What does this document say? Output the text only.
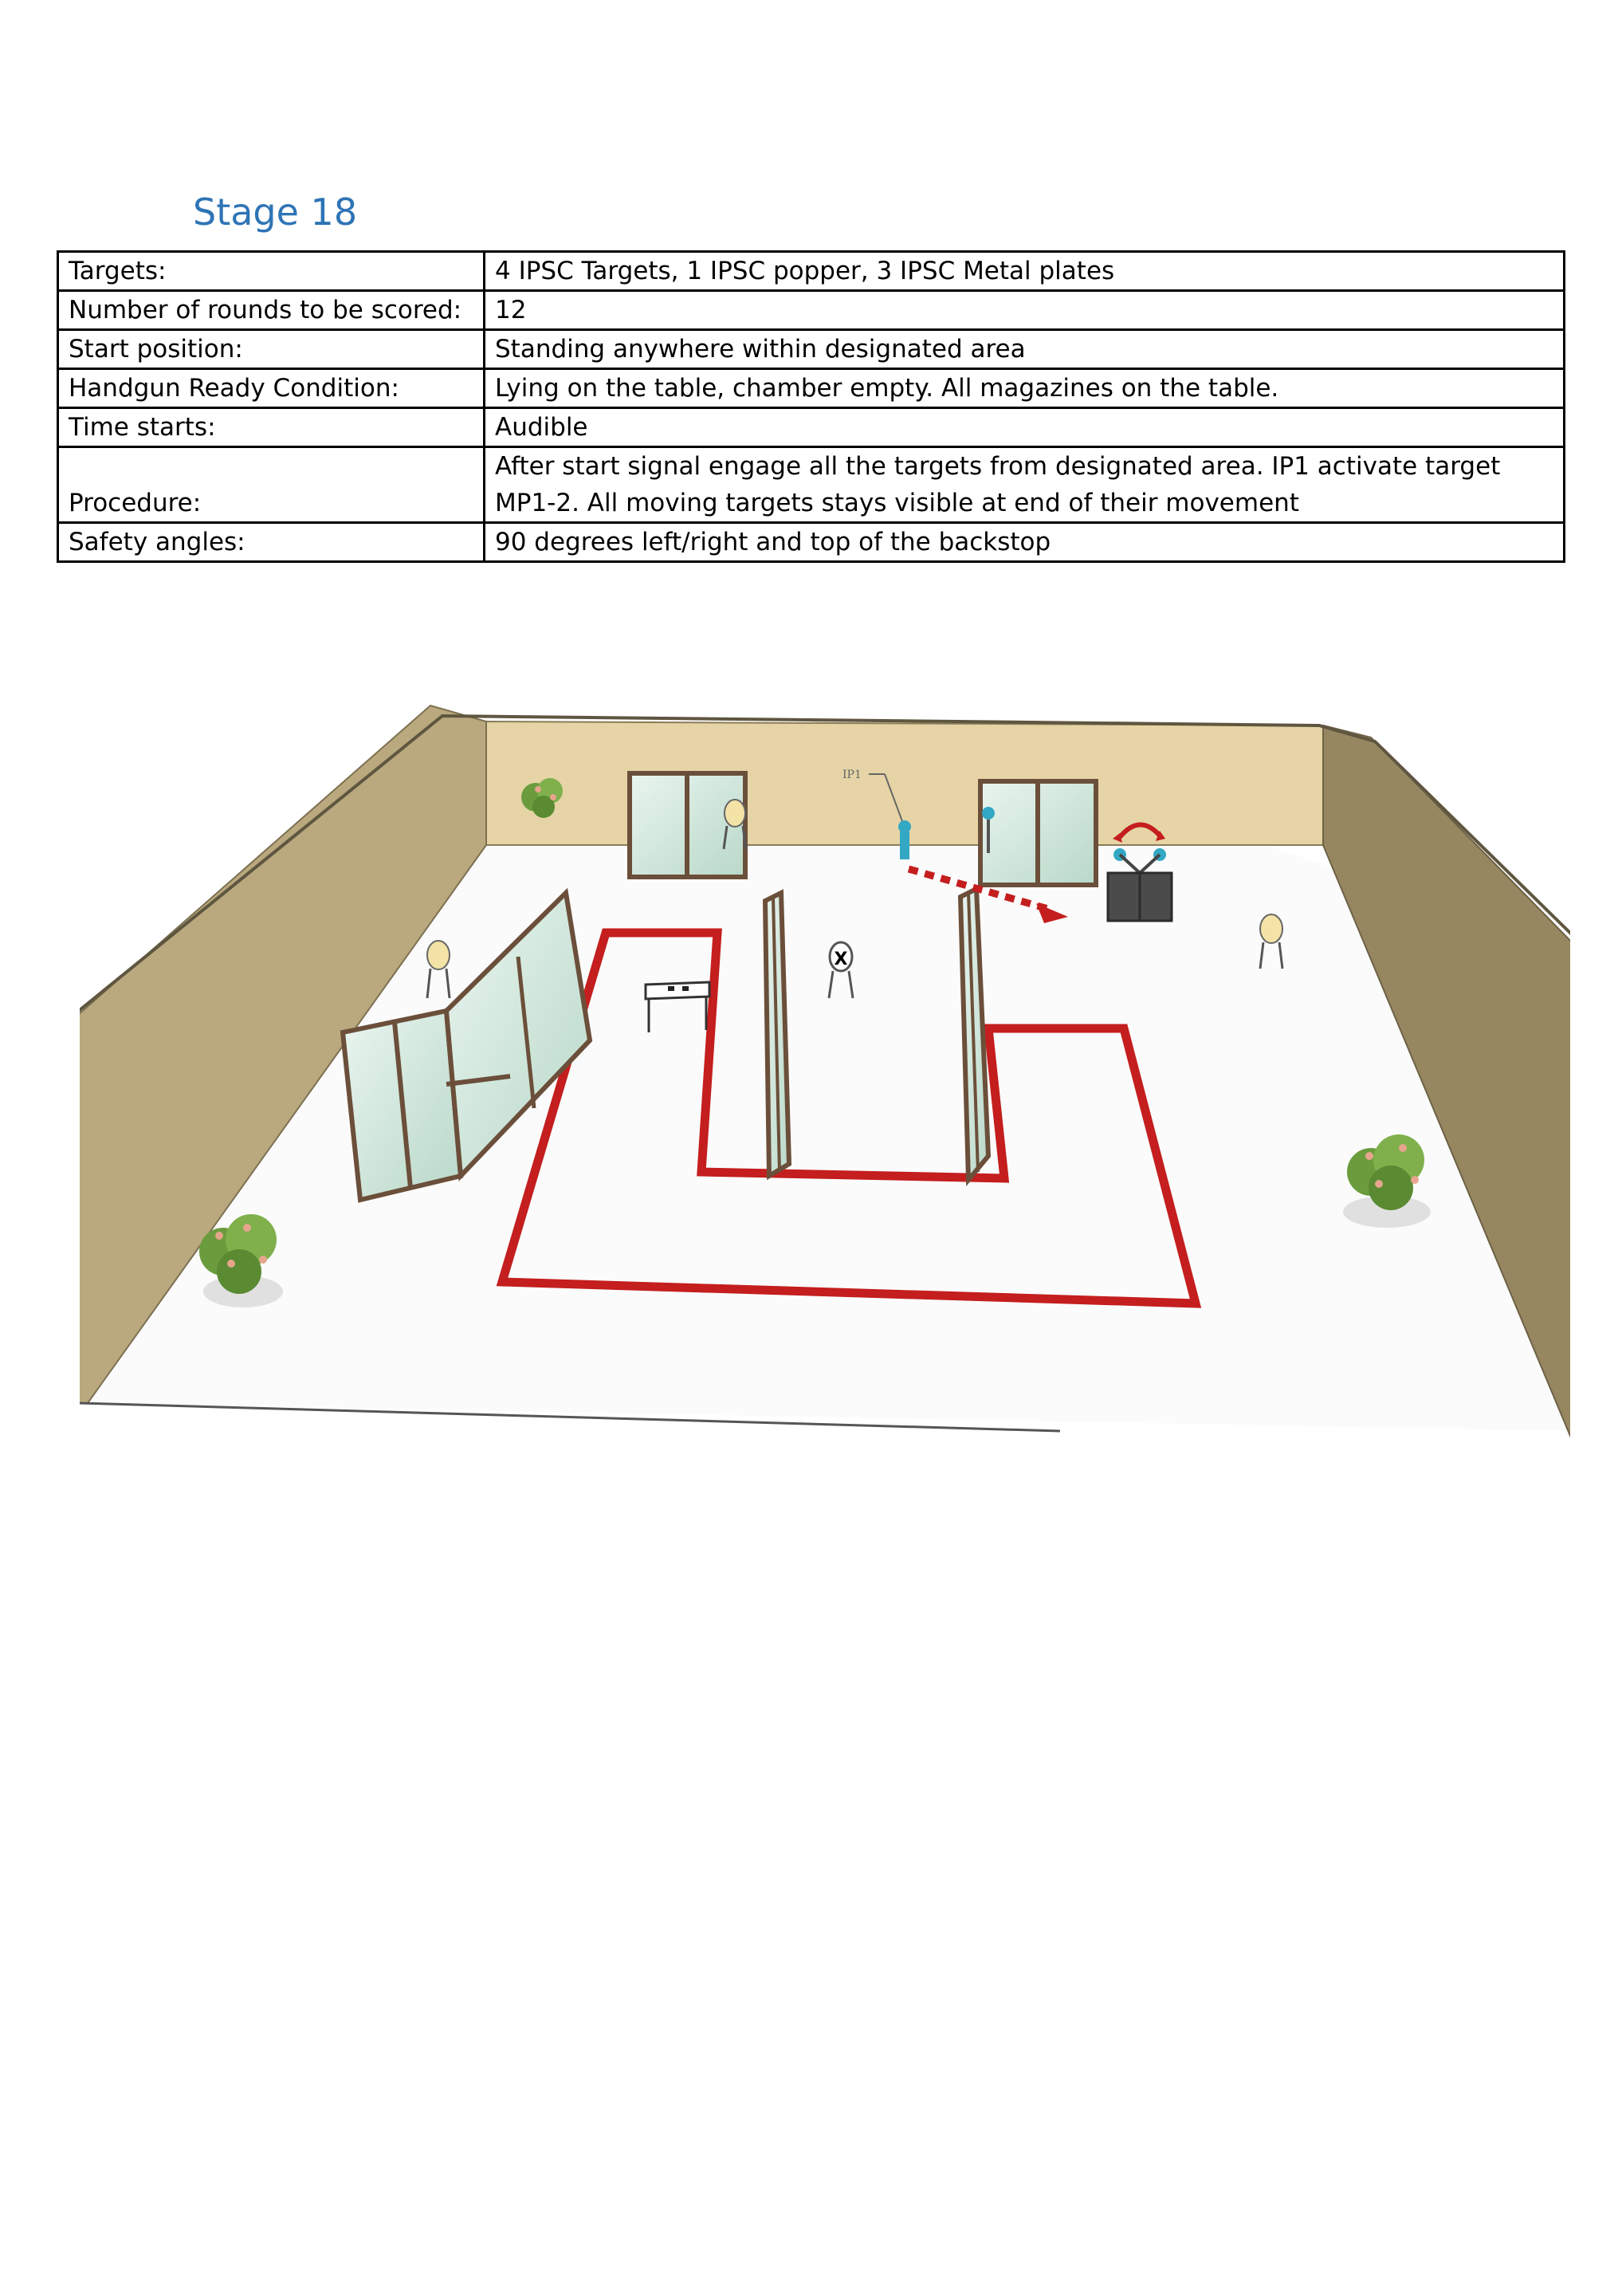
Stage 18
Targets:	4 IPSC Targets, 1 IPSC popper, 3 IPSC Metal plates
Number of rounds to be scored:	12
Start position:	Standing anywhere within designated area
Handgun Ready Condition:	Lying on the table, chamber empty. All magazines on the table.
Time starts:	Audible
Procedure:	After start signal engage all the targets from designated area. IP1 activate target MP1-2. All moving targets stays visible at end of their movement
Safety angles:	90 degrees left/right and top of the backstop
X
IP1
